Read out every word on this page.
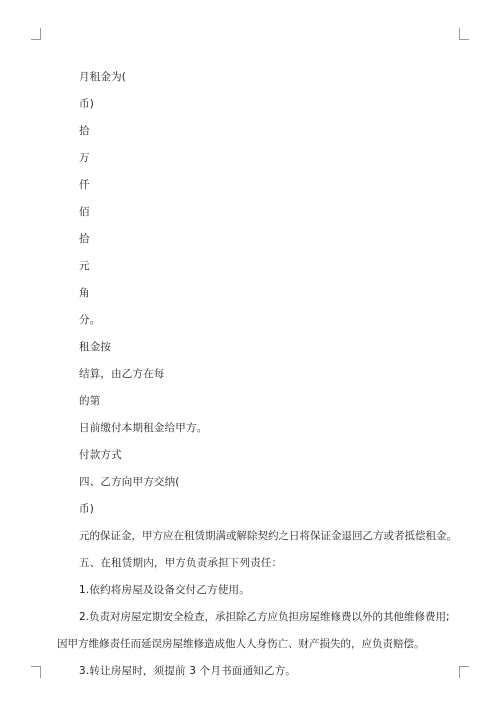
月租金为(
币)
拾
万
仟
佰
拾
元
角
分。
租金按
结算，由乙方在每
的第
日前缴付本期租金给甲方。
付款方式
四、乙方向甲方交纳(
币)
元的保证金，甲方应在租赁期满或解除契约之日将保证金退回乙方或者抵偿租金。
五、在租赁期内，甲方负责承担下列责任：
1.依约将房屋及设备交付乙方使用。
2.负责对房屋定期安全检查，承担除乙方应负担房屋维修费以外的其他维修费用;
因甲方维修责任而延误房屋维修造成他人人身伤亡、财产损失的，应负责赔偿。
3.转让房屋时，须提前 3 个月书面通知乙方。
